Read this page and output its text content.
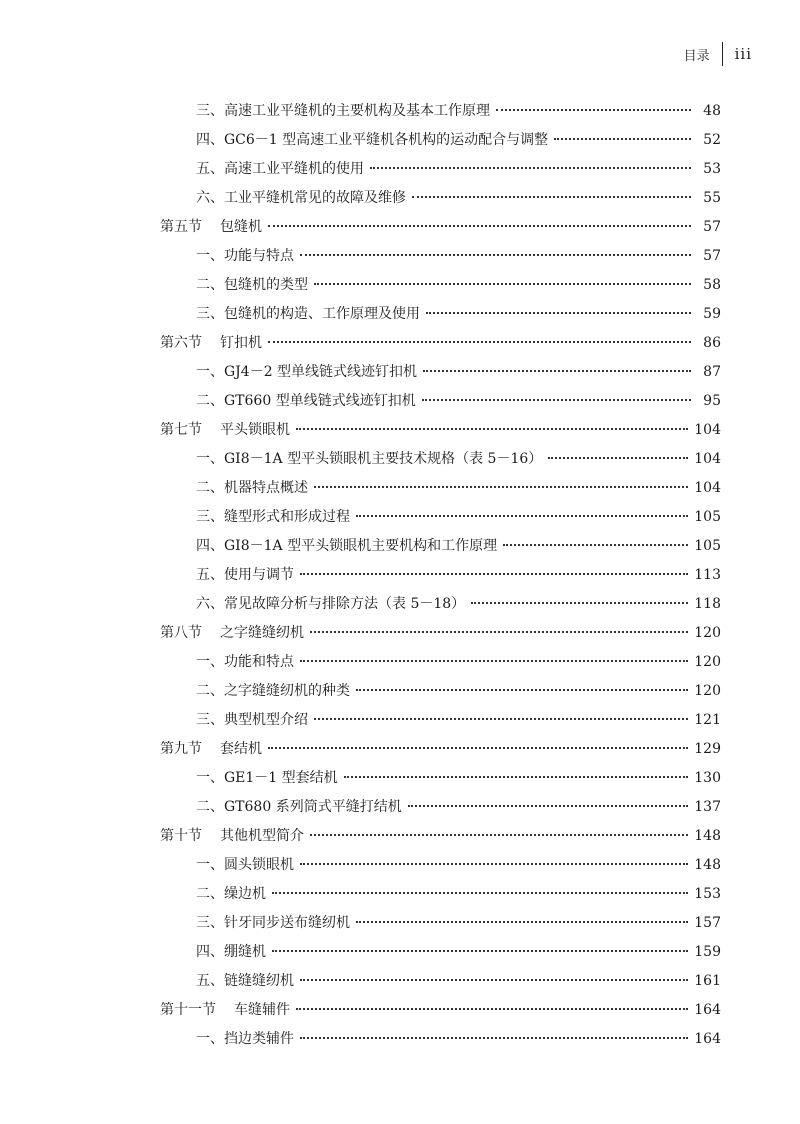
目录 iii
三、高速工业平缝机的主要机构及基本工作原理	48
四、GC6－1 型高速工业平缝机各机构的运动配合与调整	52
五、高速工业平缝机的使用	53
六、工业平缝机常见的故障及维修	55
第五节 包缝机	57
一、功能与特点	57
二、包缝机的类型	58
三、包缝机的构造、工作原理及使用	59
第六节 钉扣机	86
一、GJ4－2 型单线链式线迹钉扣机	87
二、GT660 型单线链式线迹钉扣机	95
第七节 平头锁眼机	104
一、GI8－1A 型平头锁眼机主要技术规格（表 5－16）	104
二、机器特点概述	104
三、缝型形式和形成过程	105
四、GI8－1A 型平头锁眼机主要机构和工作原理	105
五、使用与调节	113
六、常见故障分析与排除方法（表 5－18）	118
第八节 之字缝缝纫机	120
一、功能和特点	120
二、之字缝缝纫机的种类	120
三、典型机型介绍	121
第九节 套结机	129
一、GE1－1 型套结机	130
二、GT680 系列筒式平缝打结机	137
第十节 其他机型简介	148
一、圆头锁眼机	148
二、缲边机	153
三、针牙同步送布缝纫机	157
四、绷缝机	159
五、链缝缝纫机	161
第十一节 车缝辅件	164
一、挡边类辅件	164
